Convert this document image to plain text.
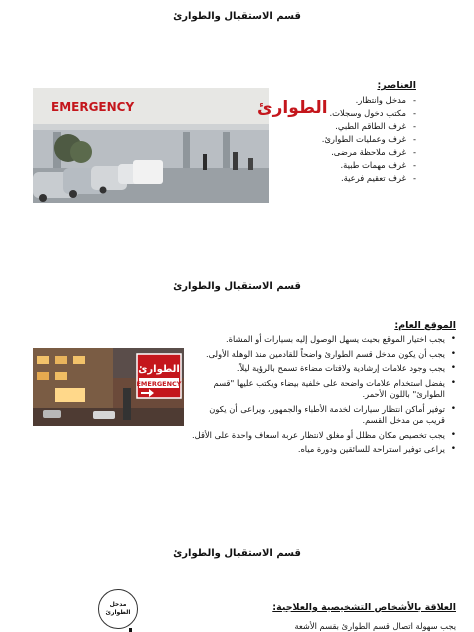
قسم الاستقبال والطوارئ
EMERGENCY	الطوارئ
العناصر:
- مدخل وانتظار.
- مكتب دخول وسجلات.
- غرف الطاقم الطبي.
- غرف وعمليات الطوارئ.
- غرف ملاحظة مرضى.
- غرف مهمات طبية.
- غرف تعقيم فرعية.
قسم الاستقبال والطوارئ
الموقع العام:
الطوارئ
EMERGENCY
• يجب اختيار الموقع بحيث يسهل الوصول إليه بسيارات أو المشاة.
• يجب أن يكون مدخل قسم الطوارئ واضحاً للقادمين منذ الوهلة الأولى.
• يجب وجود علامات إرشادية ولافتات مضاءة تسمح بالرؤية ليلاً.
• يفضل استخدام علامات واضحة على خلفية بيضاء ويكتب عليها "قسم الطوارئ" باللون الأحمر.
• توفير أماكن انتظار سيارات لخدمة الأطباء والجمهور، ويراعى أن يكون قريب من مدخل القسم.
• يجب تخصيص مكان مظلل أو مغلق لانتظار عربة اسعاف واحدة على الأقل.
• يراعى توفير استراحة للسائقين ودورة مياه.
قسم الاستقبال والطوارئ
مدخل الطوارئ	العلاقة بالأشخاص التشخيصية والعلاجية:
يجب سهولة اتصال قسم الطوارئ بقسم الأشعة
